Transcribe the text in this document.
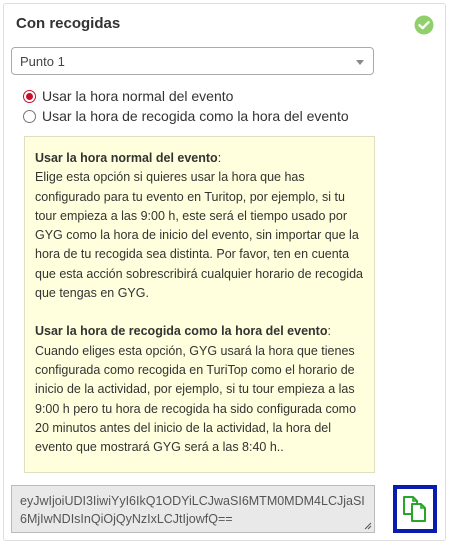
Con recogidas
Punto 1
Usar la hora normal del evento
Usar la hora de recogida como la hora del evento

Usar la hora normal del evento:
Elige esta opción si quieres usar la hora que has configurado para tu evento en Turitop, por ejemplo, si tu tour empieza a las 9:00 h, este será el tiempo usado por GYG como la hora de inicio del evento, sin importar que la hora de tu recogida sea distinta. Por favor, ten en cuenta que esta acción sobrescribirá cualquier horario de recogida que tengas en GYG.

Usar la hora de recogida como la hora del evento:
Cuando eliges esta opción, GYG usará la hora que tienes configurada como recogida en TuriTop como el horario de inicio de la actividad, por ejemplo, si tu tour empieza a las 9:00 h pero tu hora de recogida ha sido configurada como 20 minutos antes del inicio de la actividad, la hora del evento que mostrará GYG será a las 8:40 h..

eyJwIjoiUDI3IiwiYyI6IkQ1ODYiLCJwaSI6MTM0MDM4LCJjaSI6MjIwNDIsInQiOjQyNzIxLCJtIjowfQ==
